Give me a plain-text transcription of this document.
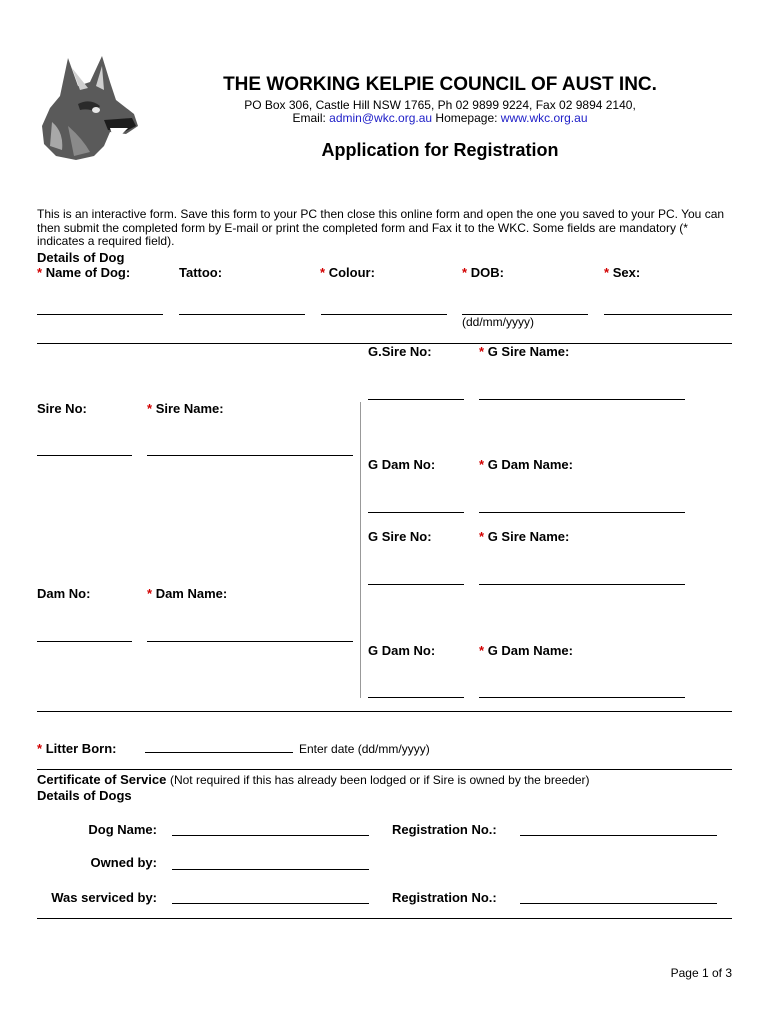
THE WORKING KELPIE COUNCIL OF AUST INC.
PO Box 306, Castle Hill NSW 1765, Ph 02 9899 9224, Fax 02 9894 2140,
Email: admin@wkc.org.au Homepage: www.wkc.org.au
Application for Registration
This is an interactive form. Save this form to your PC then close this online form and open the one you saved to your PC. You can then submit the completed form by E-mail or print the completed form and Fax it to the WKC. Some fields are mandatory (* indicates a required field).
Details of Dog
* Name of Dog:	Tattoo:	* Colour:	* DOB:	* Sex:
(dd/mm/yyyy)
G.Sire No:	* G Sire Name:
Sire No:	* Sire Name:
G Dam No:	* G Dam Name:
G Sire No:	* G Sire Name:
Dam No:	* Dam Name:
G Dam No:	* G Dam Name:
* Litter Born:	Enter date (dd/mm/yyyy)
Certificate of Service (Not required if this has already been lodged or if Sire is owned by the breeder)
Details of Dogs
Dog Name:	Registration No.:
Owned by:
Was serviced by:	Registration No.:
Page 1 of 3
